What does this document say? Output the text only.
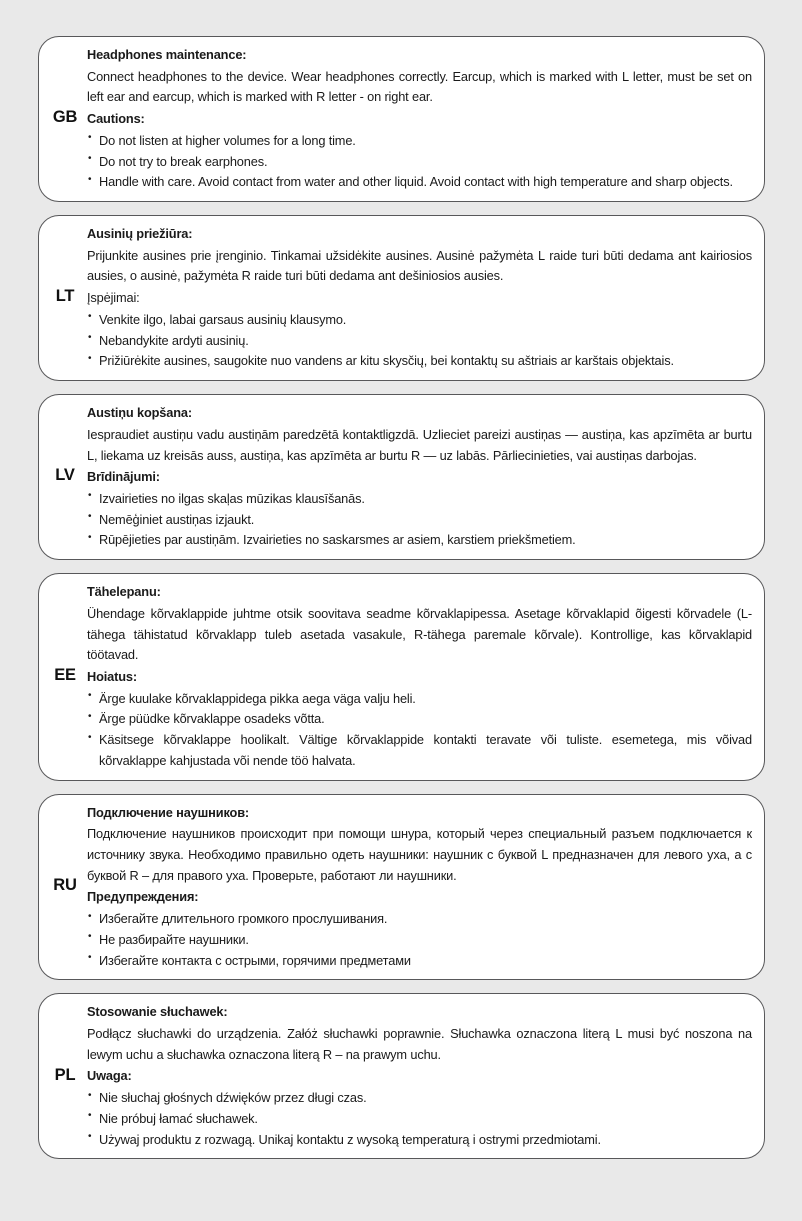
GB

Headphones maintenance:

Connect headphones to the device. Wear headphones correctly. Earcup, which is marked with L letter, must be set on left ear and earcup, which is marked with R letter - on right ear.

Cautions:

• Do not listen at higher volumes for a long time.
• Do not try to break earphones.
• Handle with care. Avoid contact from water and other liquid. Avoid contact with high temperature and sharp objects.
LT

Ausinių priežiūra:

Prijunkite ausines prie įrenginio. Tinkamai užsidėkite ausines. Ausinė pažymėta L raide turi būti dedama ant kairiosios ausies, o ausinė, pažymėta R raide turi būti dedama ant dešiniosios ausies.

Įspėjimai:

• Venkite ilgo, labai garsaus ausinių klausymo.
• Nebandykite ardyti ausinių.
• Prižiūrėkite ausines, saugokite nuo vandens ar kitu skysčių, bei kontaktų su aštriais ar karštais objektais.
LV

Austiņu kopšana:

Iespraudiet austiņu vadu austiņām paredzētā kontaktligzdā. Uzlieciet pareizi austiņas — austiņa, kas apzīmēta ar burtu L, liekama uz kreisās auss, austiņa, kas apzīmēta ar burtu R — uz labās. Pārliecinieties, vai austiņas darbojas.

Brīdinājumi:

• Izvairieties no ilgas skaļas mūzikas klausīšanās.
• Nemēģiniet austiņas izjaukt.
• Rūpējieties par austiņām. Izvairieties no saskarsmes ar asiem, karstiem priekšmetiem.
EE

Tähelepanu:

Ühendage kõrvaklappide juhtme otsik soovitava seadme kõrvaklapipessa. Asetage kõrvaklapid õigesti kõrvadele (L-tähega tähistatud kõrvaklapp tuleb asetada vasakule, R-tähega paremale kõrvale). Kontrollige, kas kõrvaklapid töötavad.

Hoiatus:

• Ärge kuulake kõrvaklappidega pikka aega väga valju heli.
• Ärge püüdke kõrvaklappe osadeks võtta.
• Käsitsege kõrvaklappe hoolikalt. Vältige kõrvaklappide kontakti teravate või tuliste. esemetega, mis võivad kõrvaklappe kahjustada või nende töö halvata.
RU

Подключение наушников:

Подключение наушников происходит при помощи шнура, который через специальный разъем подключается к источнику звука. Необходимо правильно одеть наушники: наушник с буквой L предназначен для левого уха, а с буквой R – для правого уха. Проверьте, работают ли наушники.

Предупреждения:

• Избегайте длительного громкого прослушивания.
• Не разбирайте наушники.
• Избегайте контакта с острыми, горячими предметами
PL

Stosowanie słuchawek:

Podłącz słuchawki do urządzenia. Załóż słuchawki poprawnie. Słuchawka oznaczona literą L musi być noszona na lewym uchu a słuchawka oznaczona literą R – na prawym uchu.

Uwaga:

• Nie słuchaj głośnych dźwięków przez długi czas.
• Nie próbuj łamać słuchawek.
• Używaj produktu z rozwagą. Unikaj kontaktu z wysoką temperaturą i ostrymi przedmiotami.
